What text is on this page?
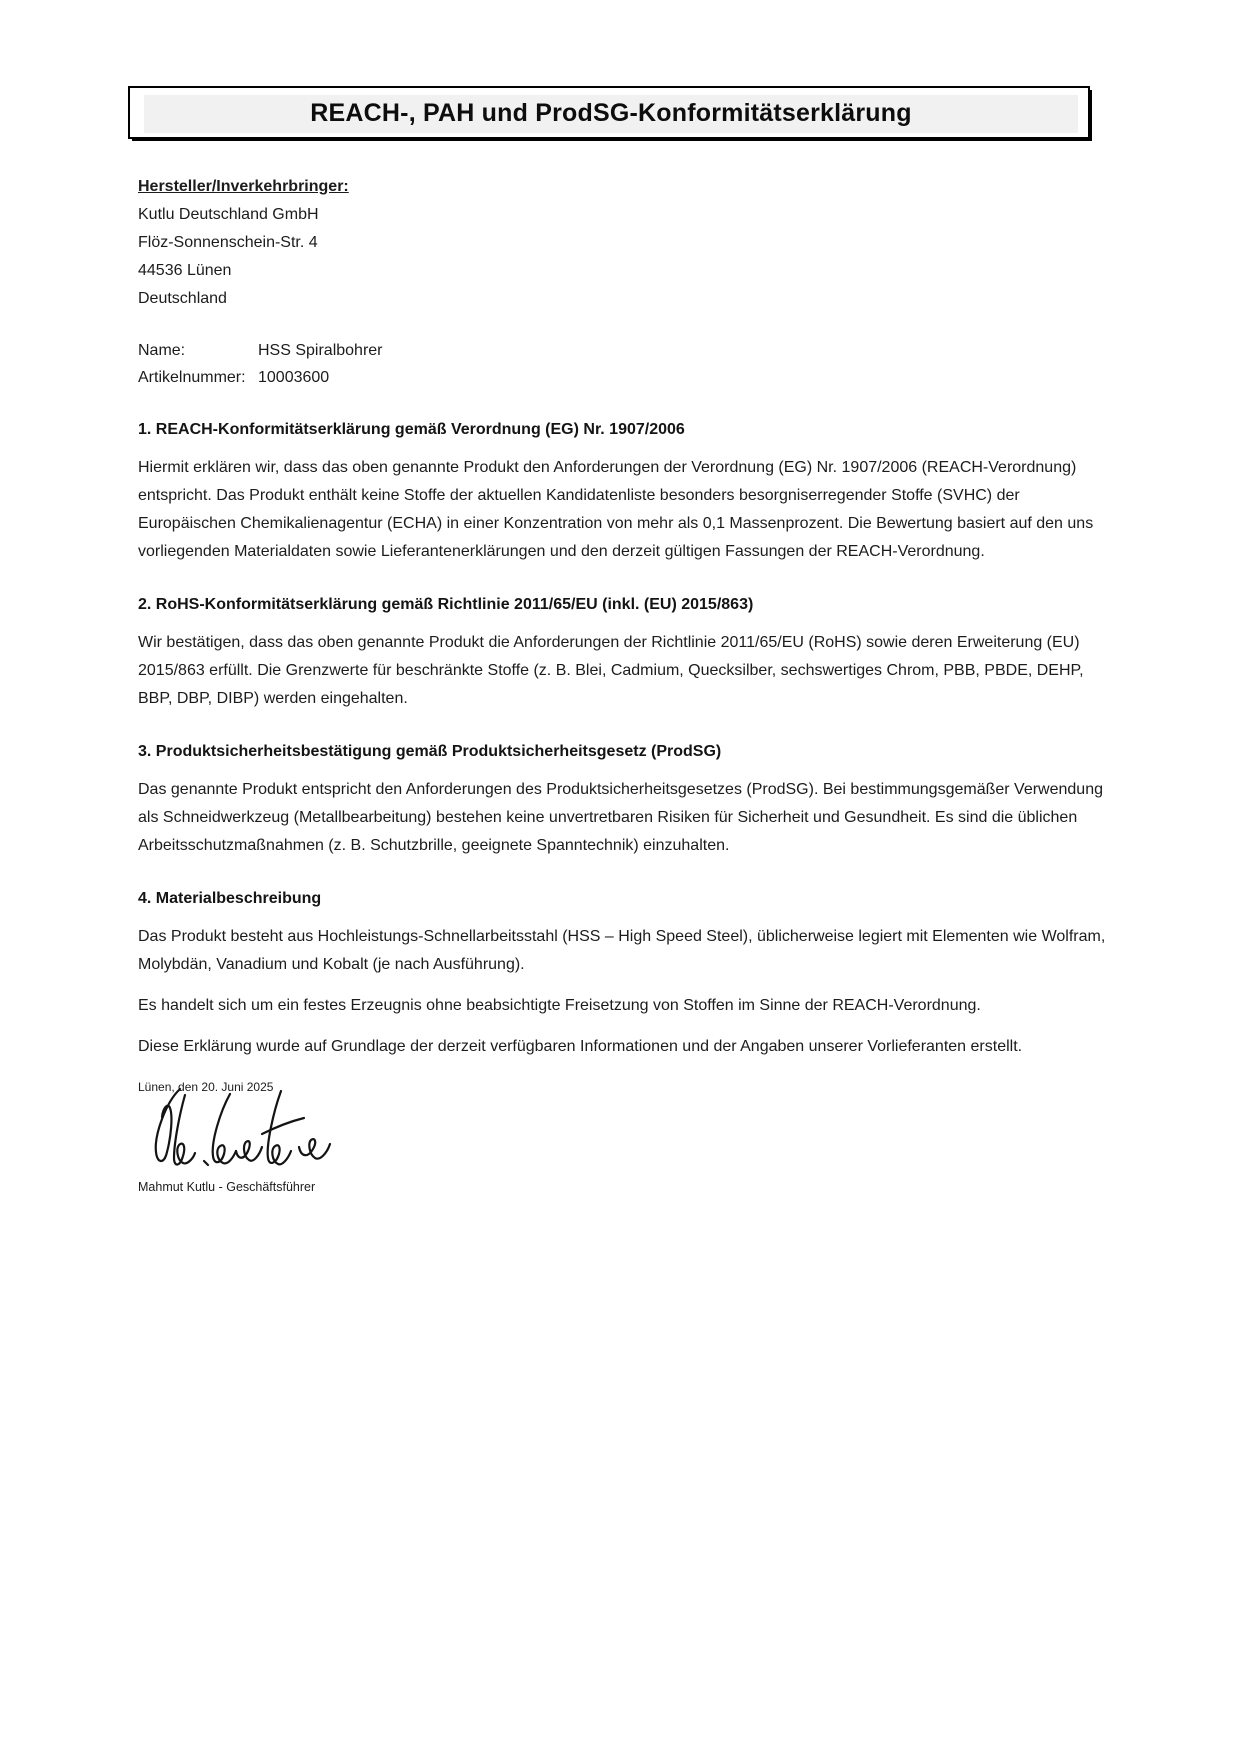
REACH-, PAH und ProdSG-Konformitätserklärung

Hersteller/Inverkehrbringer:

Kutlu Deutschland GmbH

Flöz-Sonnenschein-Str. 4

44536 Lünen

Deutschland

Name:	HSS Spiralbohrer
Artikelnummer: 10003600
1. REACH-Konformitätserklärung gemäß Verordnung (EG) Nr. 1907/2006

Hiermit erklären wir, dass das oben genannte Produkt den Anforderungen der Verordnung (EG) Nr. 1907/2006 (REACH-Verordnung) entspricht. Das Produkt enthält keine Stoffe der aktuellen Kandidatenliste besonders besorgniserregender Stoffe (SVHC) der Europäischen Chemikalienagentur (ECHA) in einer Konzentration von mehr als 0,1 Massenprozent. Die Bewertung basiert auf den uns vorliegenden Materialdaten sowie Lieferantenerklärungen und den derzeit gültigen Fassungen der REACH-Verordnung.

2. RoHS-Konformitätserklärung gemäß Richtlinie 2011/65/EU (inkl. (EU) 2015/863)

Wir bestätigen, dass das oben genannte Produkt die Anforderungen der Richtlinie 2011/65/EU (RoHS) sowie deren Erweiterung (EU) 2015/863 erfüllt. Die Grenzwerte für beschränkte Stoffe (z. B. Blei, Cadmium, Quecksilber, sechswertiges Chrom, PBB, PBDE, DEHP, BBP, DBP, DIBP) werden eingehalten.

3. Produktsicherheitsbestätigung gemäß Produktsicherheitsgesetz (ProdSG)

Das genannte Produkt entspricht den Anforderungen des Produktsicherheitsgesetzes (ProdSG). Bei bestimmungsgemäßer Verwendung als Schneidwerkzeug (Metallbearbeitung) bestehen keine unvertretbaren Risiken für Sicherheit und Gesundheit. Es sind die üblichen Arbeitsschutzmaßnahmen (z. B. Schutzbrille, geeignete Spanntechnik) einzuhalten.

4. Materialbeschreibung

Das Produkt besteht aus Hochleistungs-Schnellarbeitsstahl (HSS – High Speed Steel), üblicherweise legiert mit Elementen wie Wolfram, Molybdän, Vanadium und Kobalt (je nach Ausführung).

Es handelt sich um ein festes Erzeugnis ohne beabsichtigte Freisetzung von Stoffen im Sinne der REACH-Verordnung.

Diese Erklärung wurde auf Grundlage der derzeit verfügbaren Informationen und der Angaben unserer Vorlieferanten erstellt.

Lünen, den 20. Juni 2025
Mahmut Kutlu - Geschäftsführer
